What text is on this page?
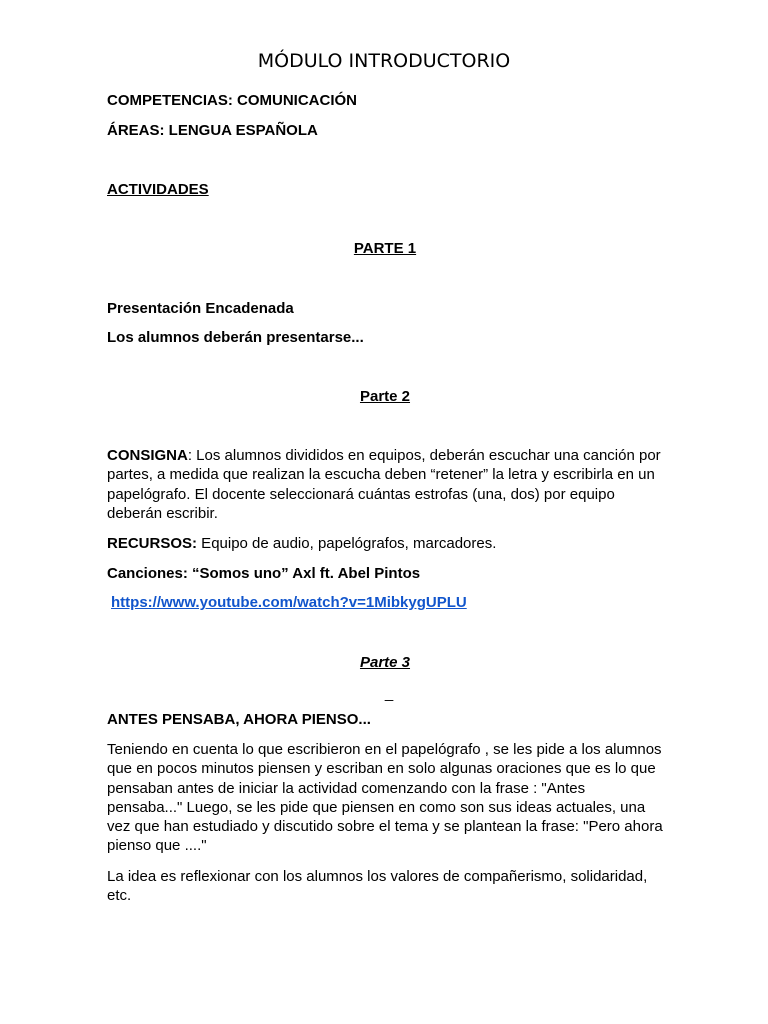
MÓDULO INTRODUCTORIO

COMPETENCIAS: COMUNICACIÓN

ÁREAS: LENGUA ESPAÑOLA

ACTIVIDADES

PARTE 1

Presentación Encadenada

Los alumnos deberán presentarse...

Parte 2

CONSIGNA: Los alumnos divididos en equipos, deberán escuchar una canción por partes, a medida que realizan la escucha deben “retener” la letra y escribirla en un papelógrafo. El docente seleccionará cuántas estrofas (una, dos) por equipo deberán escribir.

RECURSOS: Equipo de audio, papelógrafos, marcadores.

Canciones: “Somos uno” Axl ft. Abel Pintos

https://www.youtube.com/watch?v=1MibkygUPLU

Parte 3

_

ANTES PENSABA, AHORA PIENSO...

Teniendo en cuenta lo que escribieron en el papelógrafo , se les pide a los alumnos que en pocos minutos piensen y escriban en solo algunas oraciones que es lo que pensaban antes de iniciar la actividad comenzando con la frase : "Antes pensaba..." Luego, se les pide que piensen en como son sus ideas actuales, una vez que han estudiado y discutido sobre el tema y se plantean la frase: "Pero ahora pienso que ...."

La idea es reflexionar con los alumnos los valores de compañerismo, solidaridad, etc.
